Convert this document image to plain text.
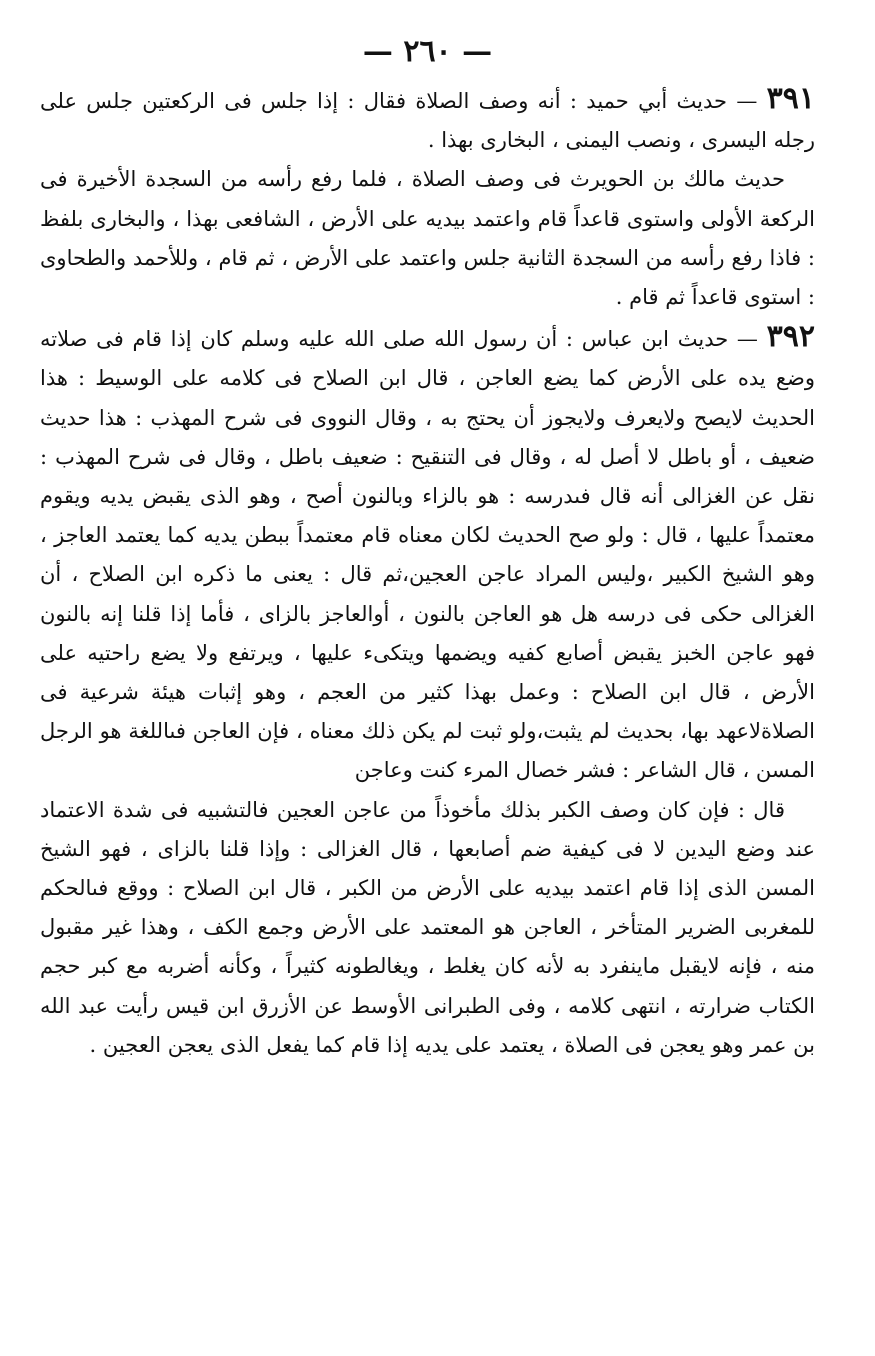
— ٢٦٠ —

٣٩١ — حديث أبي حميد : أنه وصف الصلاة فقال : إذا جلس فى الركعتين جلس على رجله اليسرى ، ونصب اليمنى ، البخارى بهذا .

حديث مالك بن الحويرث فى وصف الصلاة ، فلما رفع رأسه من السجدة الأخيرة فى الركعة الأولى واستوى قاعداً قام واعتمد بيديه على الأرض ، الشافعى بهذا ، والبخارى بلفظ : فاذا رفع رأسه من السجدة الثانية جلس واعتمد على الأرض ، ثم قام ، وللأحمد والطحاوى : استوى قاعداً ثم قام .

٣٩٢ — حديث ابن عباس : أن رسول الله صلى الله عليه وسلم كان إذا قام فى صلاته وضع يده على الأرض كما يضع العاجن ، قال ابن الصلاح فى كلامه على الوسيط : هذا الحديث لايصح ولايعرف ولايجوز أن يحتج به ، وقال النووى فى شرح المهذب : هذا حديث ضعيف ، أو باطل لا أصل له ، وقال فى التنقيح : ضعيف باطل ، وقال فى شرح المهذب : نقل عن الغزالى أنه قال فىدرسه : هو بالزاء وبالنون أصح ، وهو الذى يقبض يديه ويقوم معتمداً عليها ، قال : ولو صح الحديث لكان معناه قام معتمداً ببطن يديه كما يعتمد العاجز ، وهو الشيخ الكبير ،وليس المراد عاجن العجين،ثم قال : يعنى ما ذكره ابن الصلاح ، أن الغزالى حكى فى درسه هل هو العاجن بالنون ، أوالعاجز بالزاى ، فأما إذا قلنا إنه بالنون فهو عاجن الخبز يقبض أصابع كفيه ويضمها ويتكىء عليها ، ويرتفع ولا يضع راحتيه على الأرض ، قال ابن الصلاح : وعمل بهذا كثير من العجم ، وهو إثبات هيئة شرعية فى الصلاةلاعهد بها، بحديث لم يثبت،ولو ثبت لم يكن ذلك معناه ، فإن العاجن فىاللغة هو الرجل المسن ، قال الشاعر : فشر خصال المرء كنت وعاجن

قال : فإن كان وصف الكبر بذلك مأخوذاً من عاجن العجين فالتشبيه فى شدة الاعتماد عند وضع اليدين لا فى كيفية ضم أصابعها ، قال الغزالى : وإذا قلنا بالزاى ، فهو الشيخ المسن الذى إذا قام اعتمد بيديه على الأرض من الكبر ، قال ابن الصلاح : ووقع فىالحكم للمغربى الضرير المتأخر ، العاجن هو المعتمد على الأرض وجمع الكف ، وهذا غير مقبول منه ، فإنه لايقبل ماينفرد به لأنه كان يغلط ، ويغالطونه كثيراً ، وكأنه أضربه مع كبر حجم الكتاب ضرارته ، انتهى كلامه ، وفى الطبرانى الأوسط عن الأزرق ابن قيس رأيت عبد الله بن عمر وهو يعجن فى الصلاة ، يعتمد على يديه إذا قام كما يفعل الذى يعجن العجين .
